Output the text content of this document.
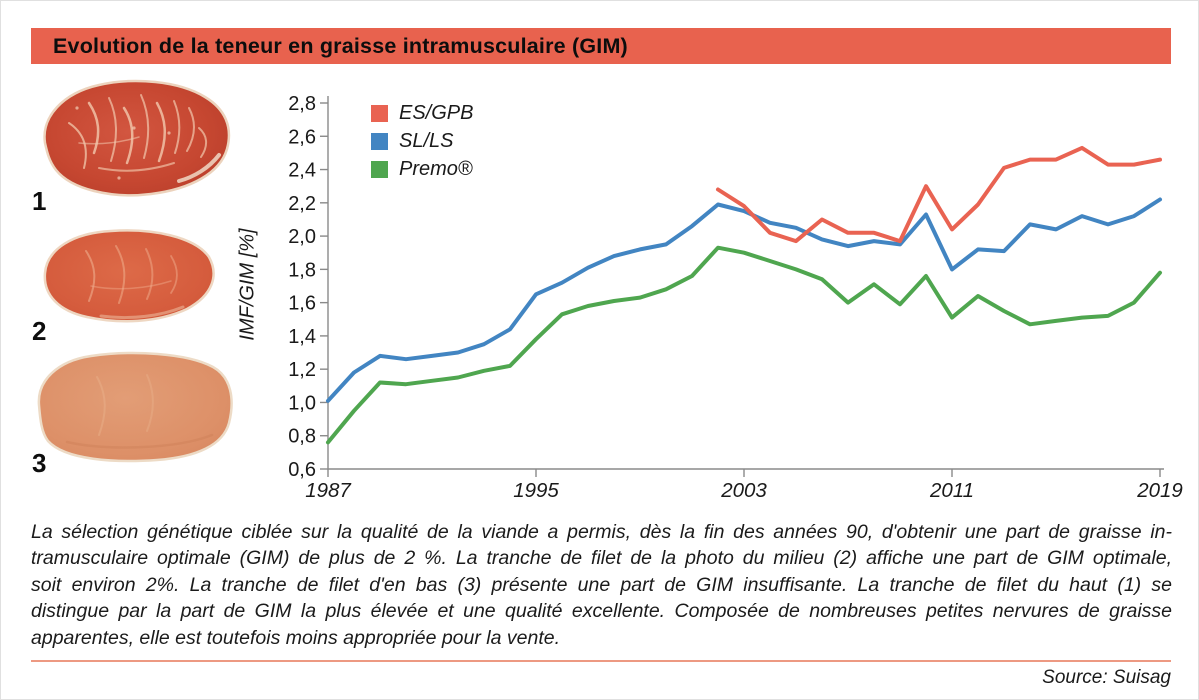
Evolution de la teneur en graisse intramusculaire (GIM)
1
2
3
2,8
2,6
2,4
2,2
2,0
1,8
1,6
1,4
1,2
1,0
0,8
0,6
1987	1995	2003	2011	2019
IMF/GIM [%]
ES/GPB
SL/LS
Premo®
La sélection génétique ciblée sur la qualité de la viande a permis, dès la fin des années 90, d'obtenir une part de graisse in-
tramusculaire optimale (GIM) de plus de 2 %. La tranche de filet de la photo du milieu (2) affiche une part de GIM optimale,
soit environ 2%. La tranche de filet d'en bas (3) présente une part de GIM insuffisante. La tranche de filet du haut (1) se
distingue par la part de GIM la plus élevée et une qualité excellente. Composée de nombreuses petites nervures de graisse
apparentes, elle est toutefois moins appropriée pour la vente.
Source: Suisag
